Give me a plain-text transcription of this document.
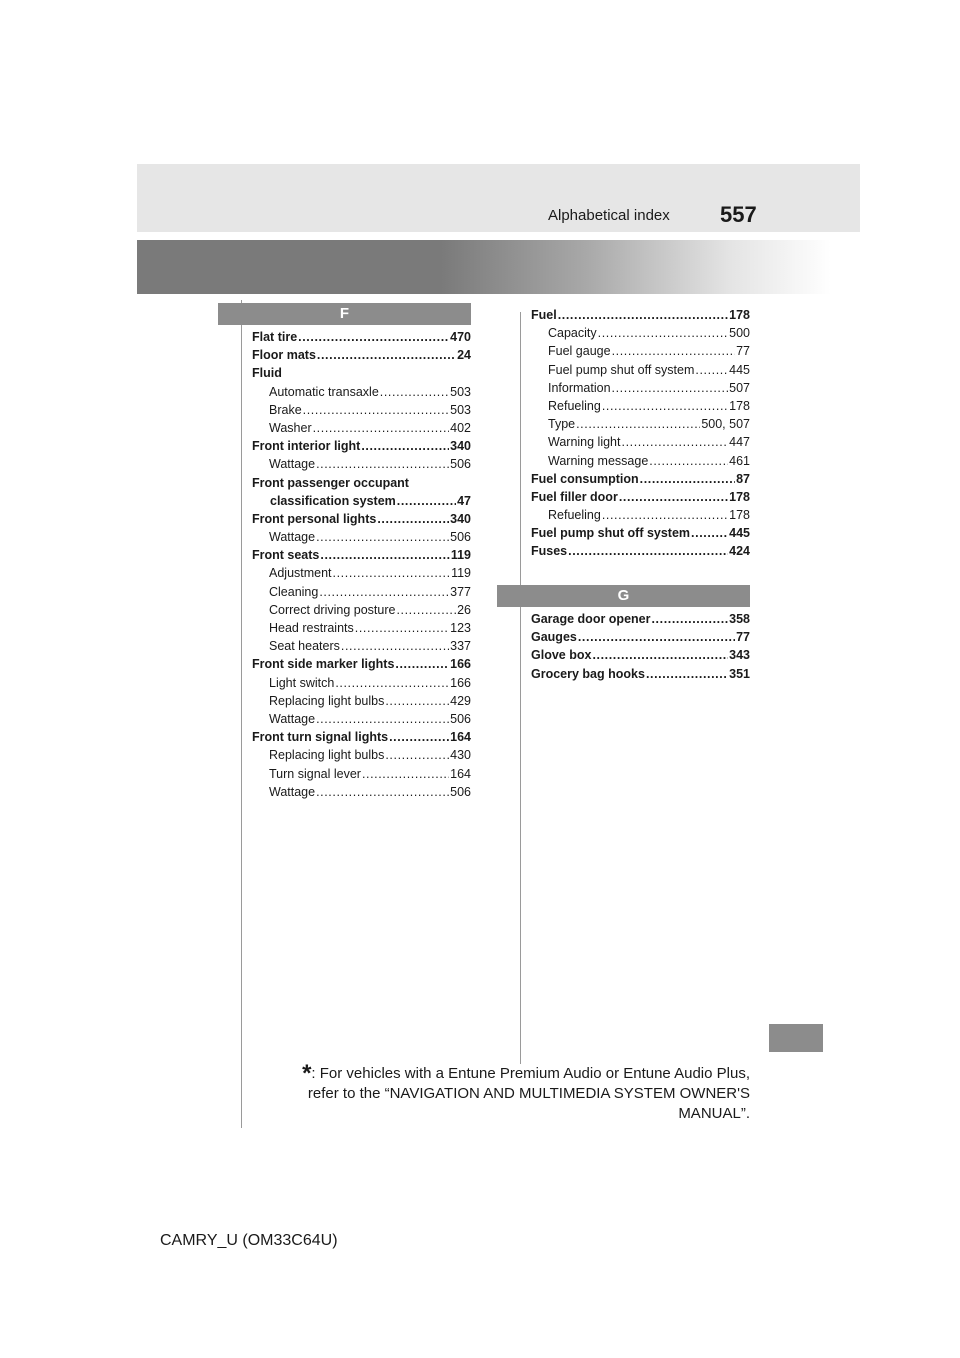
Alphabetical index 557
F
Flat tire .....	470
Floor mats .....	24
Fluid
Automatic transaxle .....	503
Brake .....	503
Washer .....	402
Front interior light .....	340
Wattage .....	506
Front passenger occupant
classification system .....	47
Front personal lights .....	340
Wattage .....	506
Front seats .....	119
Adjustment .....	119
Cleaning .....	377
Correct driving posture .....	26
Head restraints .....	123
Seat heaters .....	337
Front side marker lights .....	166
Light switch .....	166
Replacing light bulbs .....	429
Wattage .....	506
Front turn signal lights .....	164
Replacing light bulbs .....	430
Turn signal lever .....	164
Wattage .....	506
Fuel .....	178
Capacity .....	500
Fuel gauge .....	77
Fuel pump shut off system .....	445
Information .....	507
Refueling .....	178
Type .....	500, 507
Warning light .....	447
Warning message .....	461
Fuel consumption .....	87
Fuel filler door .....	178
Refueling .....	178
Fuel pump shut off system .....	445
Fuses .....	424
G
Garage door opener .....	358
Gauges .....	77
Glove box .....	343
Grocery bag hooks .....	351
*: For vehicles with a Entune Premium Audio or Entune Audio Plus,
refer to the “NAVIGATION AND MULTIMEDIA SYSTEM OWNER'S
MANUAL”.
CAMRY_U (OM33C64U)
